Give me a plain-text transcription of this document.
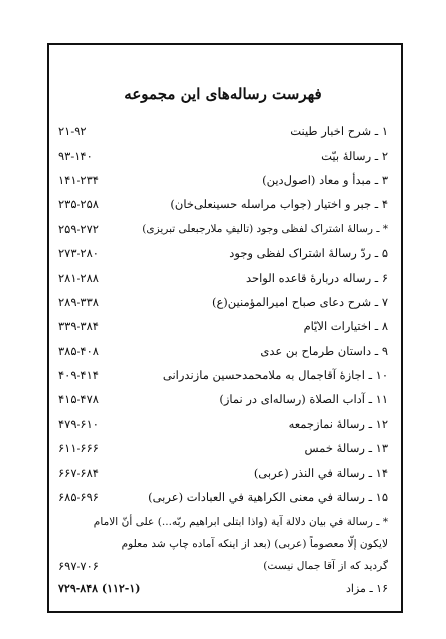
فهرست رساله‌های این مجموعه
۲۱-۹۲	۱ ـ شرح اخبار طينت
۹۳-۱۴۰	۲ ـ رسالهٔ بيّت
۱۴۱-۲۳۴	۳ ـ مبدأ و معاد (اصول‌دين)
۲۳۵-۲۵۸	۴ ـ جبر و اختيار (جواب مراسله حسينعلی‌خان)
۲۵۹-۲۷۲	* ـ رسالهٔ اشتراک لفظی وجود (تاليفِ ملارجبعلی تبريزی)
۲۷۳-۲۸۰	۵ ـ ردّ رسالهٔ اشتراک لفظی وجود
۲۸۱-۲۸۸	۶ ـ رساله دربارهٔ قاعده الواحد
۲۸۹-۳۳۸	۷ ـ شرح دعای صباح اميرالمؤمنين(ع)
۳۳۹-۳۸۴	۸ ـ اختيارات الايّام
۳۸۵-۴۰۸	۹ ـ داستان طرماح بن عدی
۴۰۹-۴۱۴	۱۰ ـ اجازهٔ آقاجمال به ملامحمدحسين مازندرانی
۴۱۵-۴۷۸	۱۱ ـ آداب الصلاة (رساله‌ای در نماز)
۴۷۹-۶۱۰	۱۲ ـ رسالهٔ نمازجمعه
۶۱۱-۶۶۶	۱۳ ـ رسالهٔ خمس
۶۶۷-۶۸۴	۱۴ ـ رسالة في النذر (عربی)
۶۸۵-۶۹۶	۱۵ ـ رسالة في معنی الكراهية في العبادات (عربی)
* ـ رسالة في بيان دلالة آية (واذا ابتلی ابراهيم ربّه...) علی أنّ الامام
لايكون إلّا معصوماً (عربی) (بعد از اينكه آماده چاپ شد معلوم
۶۹۷-۷۰۶	گرديد كه از آقا جمال نيست)
(۱۱۲-۱) ۷۲۹-۸۴۸	۱۶ ـ مزاد
